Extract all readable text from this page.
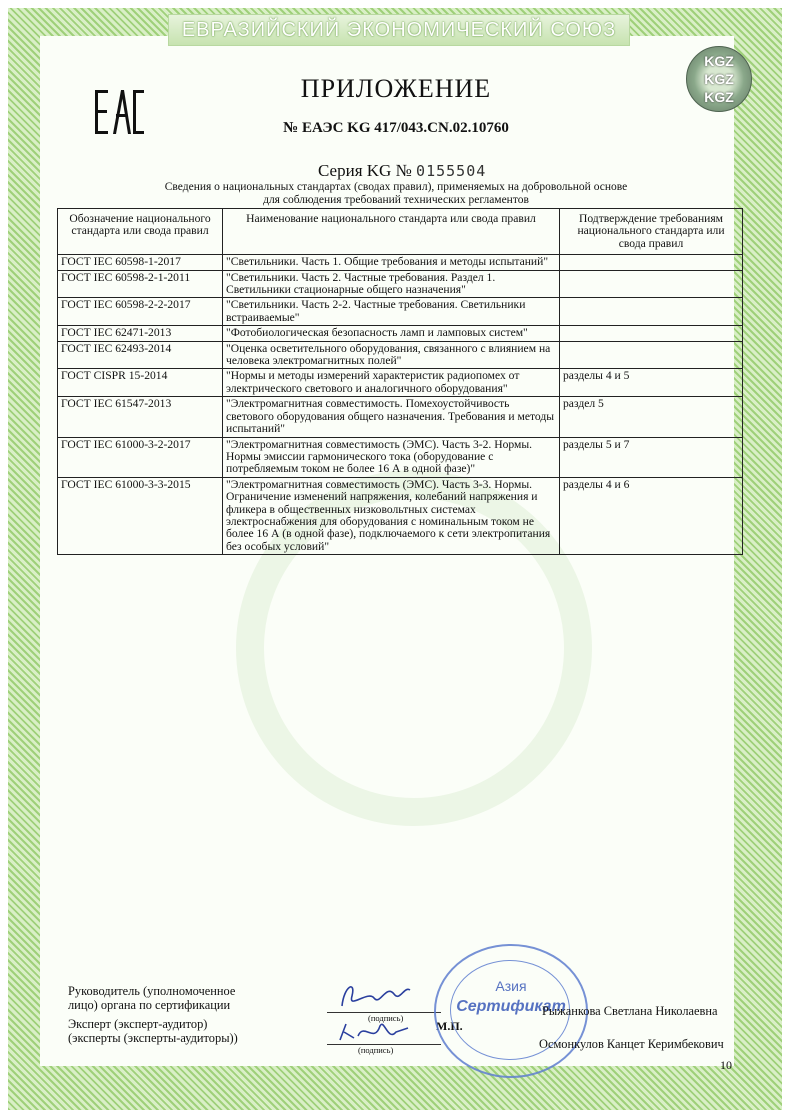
ЕВРАЗИЙСКИЙ ЭКОНОМИЧЕСКИЙ СОЮЗ
KGZ
KGZ
KGZ
ПРИЛОЖЕНИЕ
№ ЕАЭС KG 417/043.CN.02.10760
Серия KG № 0155504
Сведения о национальных стандартах (сводах правил), применяемых на добровольной основе
для соблюдения требований технических регламентов
Обозначение национального стандарта или свода правил	Наименование национального стандарта или свода правил	Подтверждение требованиям национального стандарта или свода правил
ГОСТ IEC 60598-1-2017	"Светильники. Часть 1. Общие требования и методы испытаний"	
ГОСТ IEC 60598-2-1-2011	"Светильники. Часть 2. Частные требования. Раздел 1. Светильники стационарные общего назначения"	
ГОСТ IEC 60598-2-2-2017	"Светильники. Часть 2-2. Частные требования. Светильники встраиваемые"	
ГОСТ IEC 62471-2013	"Фотобиологическая безопасность ламп и ламповых систем"	
ГОСТ IEC 62493-2014	"Оценка осветительного оборудования, связанного с влиянием на человека электромагнитных полей"	
ГОСТ CISPR 15-2014	"Нормы и методы измерений характеристик радиопомех от электрического светового и аналогичного оборудования"	разделы 4 и 5
ГОСТ IEC 61547-2013	"Электромагнитная совместимость. Помехоустойчивость светового оборудования общего назначения. Требования и методы испытаний"	раздел 5
ГОСТ IEC 61000-3-2-2017	"Электромагнитная совместимость (ЭМС). Часть 3-2. Нормы. Нормы эмиссии гармонического тока (оборудование с потребляемым током не более 16 А в одной фазе)"	разделы 5 и 7
ГОСТ IEC 61000-3-3-2015	"Электромагнитная совместимость (ЭМС). Часть 3-3. Нормы. Ограничение изменений напряжения, колебаний напряжения и фликера в общественных низковольтных системах электроснабжения для оборудования с номинальным током не более 16 А (в одной фазе), подключаемого к сети электропитания без особых условий"	разделы 4 и 6
Руководитель (уполномоченное
лицо) органа по сертификации
Эксперт (эксперт-аудитор)
(эксперты (эксперты-аудиторы))
(подпись)
(подпись)
М.П.
Азия
Сертификат
Рыжанкова Светлана Николаевна
Осмонкулов Канцет Керимбекович
10
